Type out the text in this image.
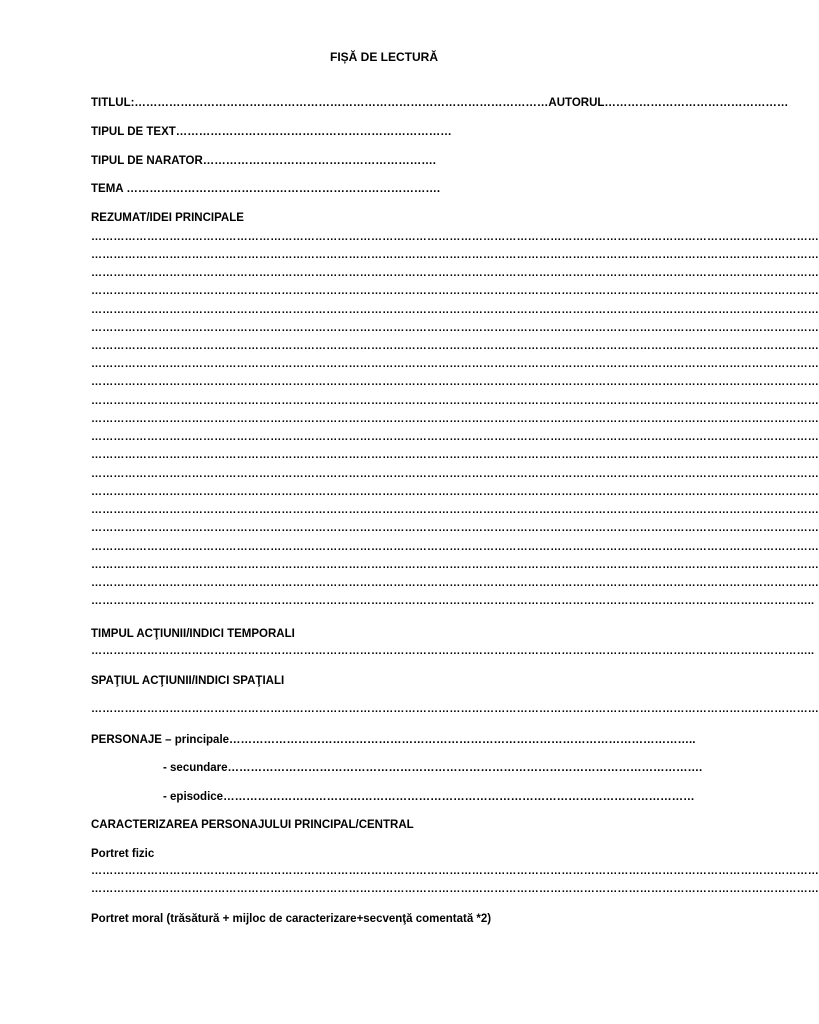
FIȘĂ DE LECTURĂ

TITLUL:………………………………………………………………………………………………AUTORUL…………………………………………

TIPUL DE TEXT………………………………………………………………

TIPUL DE NARATOR…………………………………………………….

TEMA ……………………………………………………………………….

REZUMAT/IDEI PRINCIPALE

……………………………………………………………………………………………………………………………………………………………………………

……………………………………………………………………………………………………………………………………………………………………………

……………………………………………………………………………………………………………………………………………………………………………

……………………………………………………………………………………………………………………………………………………………………………

……………………………………………………………………………………………………………………………………………………………………………

……………………………………………………………………………………………………………………………………………………………………………

……………………………………………………………………………………………………………………………………………………………………………

……………………………………………………………………………………………………………………………………………………………………………

……………………………………………………………………………………………………………………………………………………………………………

……………………………………………………………………………………………………………………………………………………………………………

……………………………………………………………………………………………………………………………………………………………………………

……………………………………………………………………………………………………………………………………………………………………………

……………………………………………………………………………………………………………………………………………………………………………

……………………………………………………………………………………………………………………………………………………………………………

……………………………………………………………………………………………………………………………………………………………………………

……………………………………………………………………………………………………………………………………………………………………………

……………………………………………………………………………………………………………………………………………………………………………

……………………………………………………………………………………………………………………………………………………………………………

……………………………………………………………………………………………………………………………………………………………………………

……………………………………………………………………………………………………………………………………………………………………………

…………………………………………………………………………………………………………………………………………………………………………..

TIMPUL ACŢIUNII/INDICI TEMPORALI

…………………………………………………………………………………………………………………………………………………………………………..

SPAŢIUL ACŢIUNII/INDICI SPAŢIALI

……………………………………………………………………………………………………………………………………………………………………………

PERSONAJE – principale…………………………………………………………………………………………………………..

- secundare…………………………………………………………………………………………………………….

- episodice……………………………………………………………………………………………………………

CARACTERIZAREA PERSONAJULUI PRINCIPAL/CENTRAL

Portret fizic

……………………………………………………………………………………………………………………………………………………………………………

……………………………………………………………………………………………………………………………………………………………………………

Portret moral (trăsătură + mijloc de caracterizare+secvenţă comentată *2)
